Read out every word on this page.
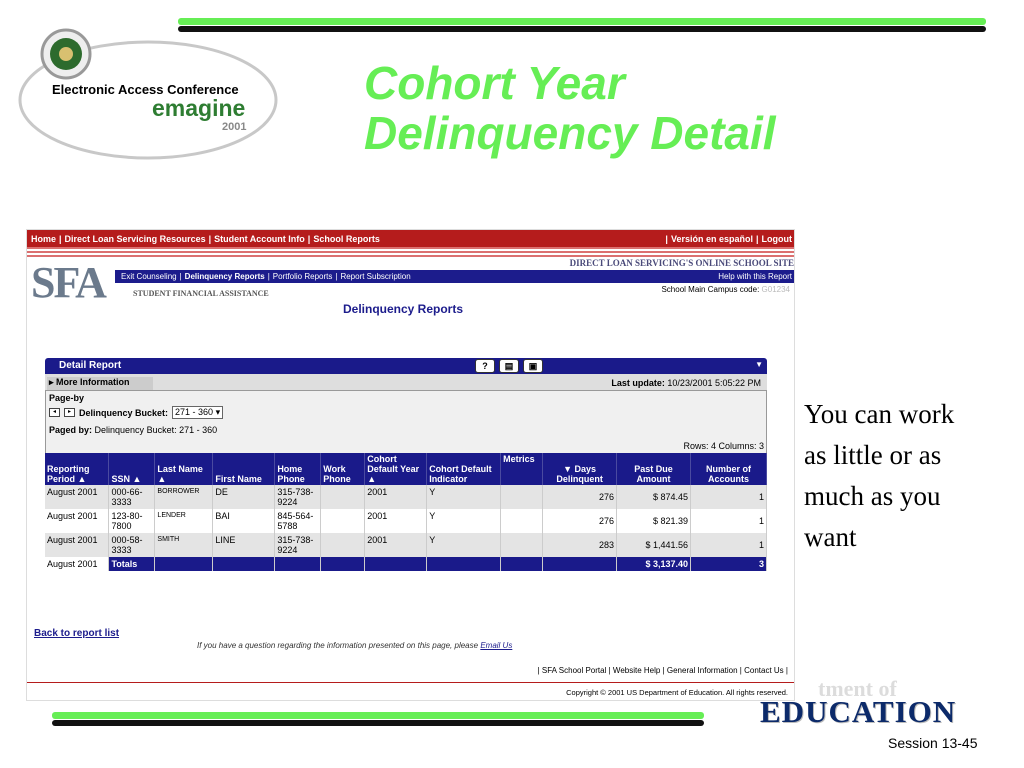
Electronic Access Conference
emagine
2001
Cohort Year
Delinquency Detail
Home | Direct Loan Servicing Resources | Student Account Info | School Reports	| Versión en español | Logout
SFA	DIRECT LOAN SERVICING'S ONLINE SCHOOL SITE
Exit Counseling | Delinquency Reports | Portfolio Reports | Report Subscription	Help with this Report
STUDENT FINANCIAL ASSISTANCE	School Main Campus code: G01234
Delinquency Reports
Detail Report	?	▤	▣	▼
▸ More Information	Last update: 10/23/2001 5:05:22 PM
Page-by
◂	▸ Delinquency Bucket: 271 - 360 ▾
Paged by: Delinquency Bucket: 271 - 360
Rows: 4 Columns: 3
Reporting Period ▲	SSN ▲	Last Name ▲	First Name	Home Phone	Work Phone	Cohort Default Year ▲	Cohort Default Indicator	Metrics	▼ Days Delinquent	Past Due Amount	Number of Accounts
August 2001	000-66-3333	BORROWER	DE	315-738-9224		2001	Y		276	$ 874.45	1
August 2001	123-80-7800	LENDER	BAI	845-564-5788		2001	Y		276	$ 821.39	1
August 2001	000-58-3333	SMITH	LINE	315-738-9224		2001	Y		283	$ 1,441.56	1
August 2001	Totals									$ 3,137.40	3
Back to report list
If you have a question regarding the information presented on this page, please Email Us
| SFA School Portal | Website Help | General Information | Contact Us |
Copyright © 2001 US Department of Education. All rights reserved.
You can work as little or as much as you want
tment of
EDUCATION
Session 13-45
